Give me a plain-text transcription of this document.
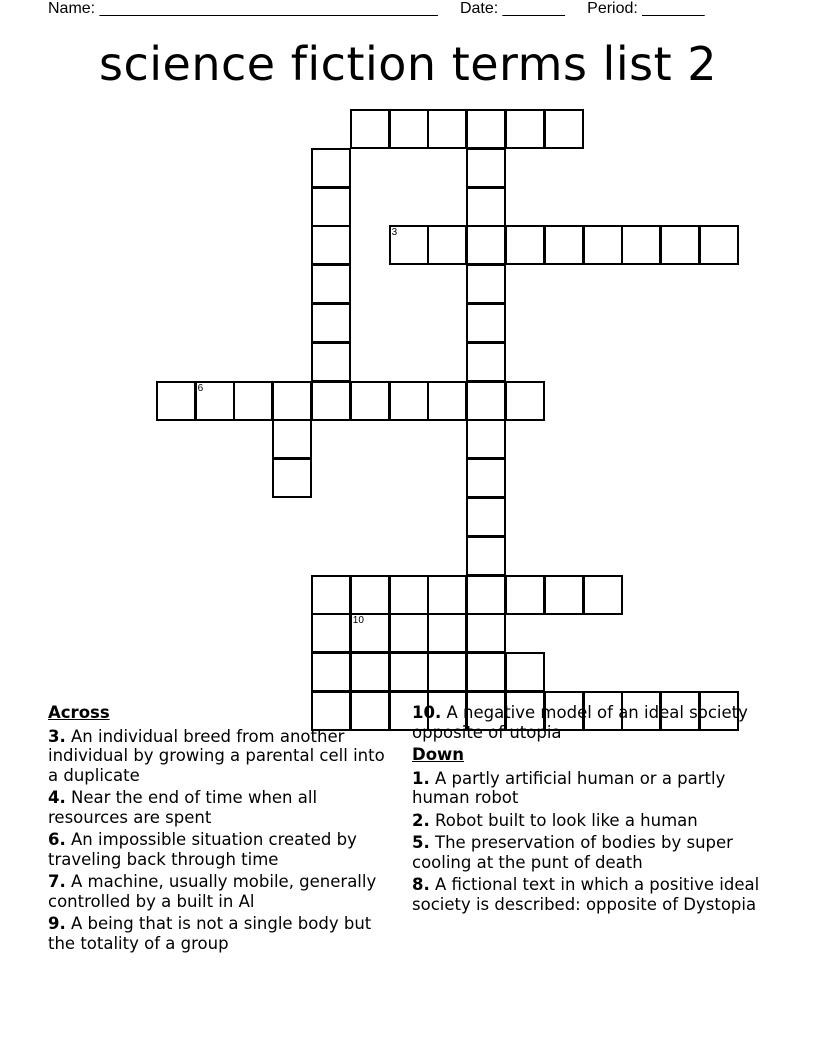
Name: ______________________________________     Date: _______     Period: _______
science fiction terms list 2
3
6
10
Across
3. An individual breed from another individual by growing a parental cell into a duplicate
4. Near the end of time when all resources are spent
6. An impossible situation created by traveling back through time
7. A machine, usually mobile, generally controlled by a built in Al
9. A being that is not a single body but the totality of a group
10. A negative model of an ideal society opposite of utopia
Down
1. A partly artificial human or a partly human robot
2. Robot built to look like a human
5. The preservation of bodies by super cooling at the punt of death
8. A fictional text in which a positive ideal society is described: opposite of Dystopia
